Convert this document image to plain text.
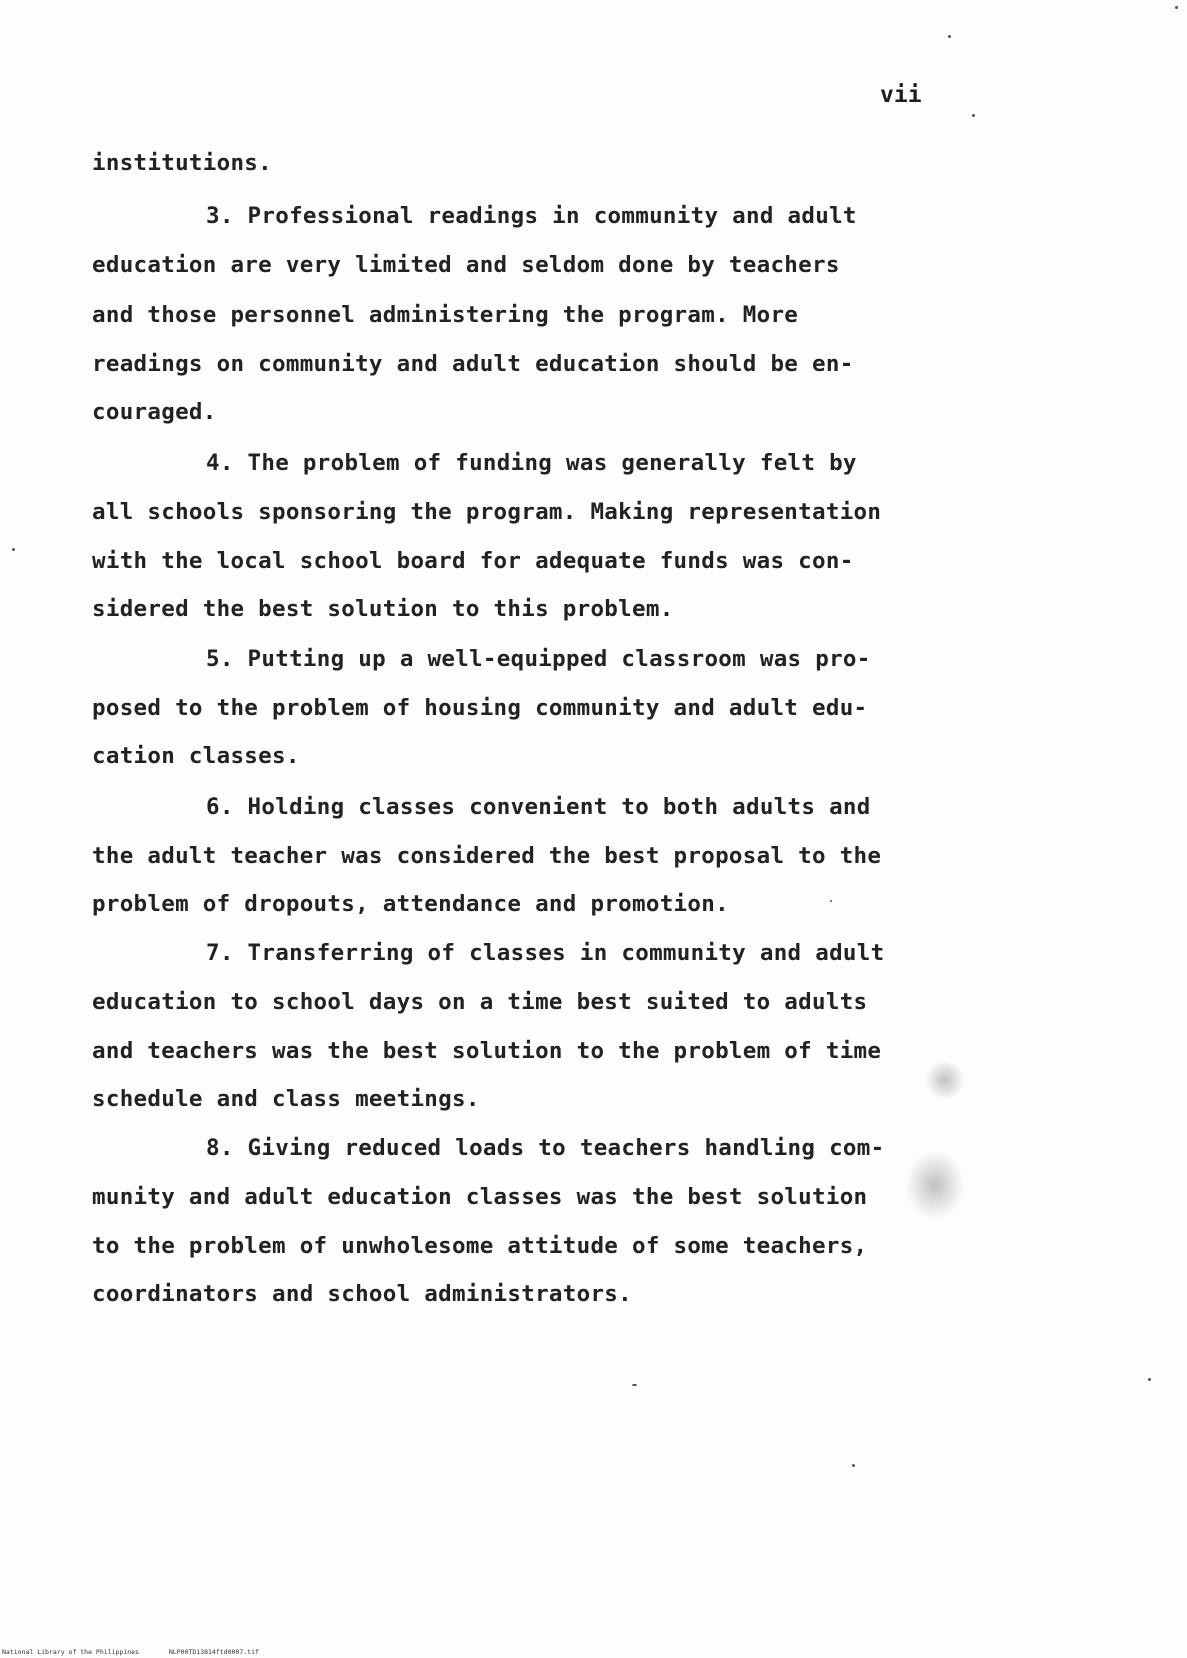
vii
institutions.
3. Professional readings in community and adult
education are very limited and seldom done by teachers
and those personnel administering the program. More
readings on community and adult education should be en-
couraged.
4. The problem of funding was generally felt by
all schools sponsoring the program. Making representation
with the local school board for adequate funds was con-
sidered the best solution to this problem.
5. Putting up a well-equipped classroom was pro-
posed to the problem of housing community and adult edu-
cation classes.
6. Holding classes convenient to both adults and
the adult teacher was considered the best proposal to the
problem of dropouts, attendance and promotion.
7. Transferring of classes in community and adult
education to school days on a time best suited to adults
and teachers was the best solution to the problem of time
schedule and class meetings.
8. Giving reduced loads to teachers handling com-
munity and adult education classes was the best solution
to the problem of unwholesome attitude of some teachers,
coordinators and school administrators.
National Library of the Philippines	NLP00TD13814ftd0007.tif
